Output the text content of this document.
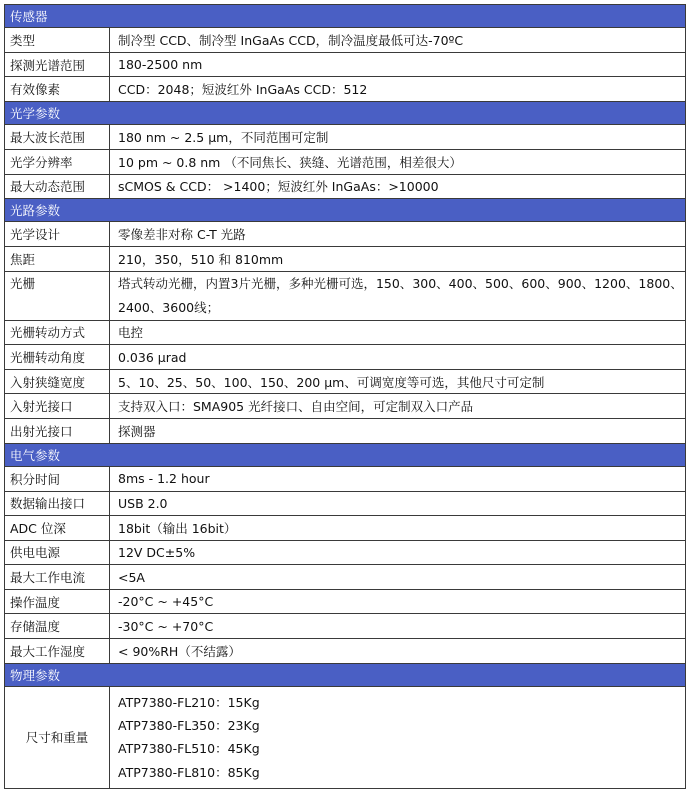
传感器	
类型	制冷型 CCD、制冷型 InGaAs CCD，制冷温度最低可达-70ºC
探测光谱范围	180-2500 nm
有效像素	CCD：2048；短波红外 InGaAs CCD：512
光学参数	
最大波长范围	180 nm ~ 2.5 μm，不同范围可定制
光学分辨率	10 pm ~ 0.8 nm （不同焦长、狭缝、光谱范围，相差很大）
最大动态范围	sCMOS & CCD： >1400；短波红外 InGaAs：>10000
光路参数	
光学设计	零像差非对称 C-T 光路
焦距	210，350，510 和 810mm
光栅	塔式转动光栅，内置3片光栅，多种光栅可选，150、300、400、500、600、900、1200、1800、2400、3600线；
光栅转动方式	电控
光栅转动角度	0.036 μrad
入射狭缝宽度	5、10、25、50、100、150、200 μm、可调宽度等可选，其他尺寸可定制
入射光接口	支持双入口：SMA905 光纤接口、自由空间，可定制双入口产品
出射光接口	探测器
电气参数	
积分时间	8ms - 1.2 hour
数据输出接口	USB 2.0
ADC 位深	18bit（输出 16bit）
供电电源	12V DC±5%
最大工作电流	<5A
操作温度	-20°C ~ +45°C
存储温度	-30°C ~ +70°C
最大工作湿度	< 90%RH（不结露）
物理参数	
尺寸和重量	ATP7380-FL210：15Kg
ATP7380-FL350：23Kg
ATP7380-FL510：45Kg
ATP7380-FL810：85Kg
